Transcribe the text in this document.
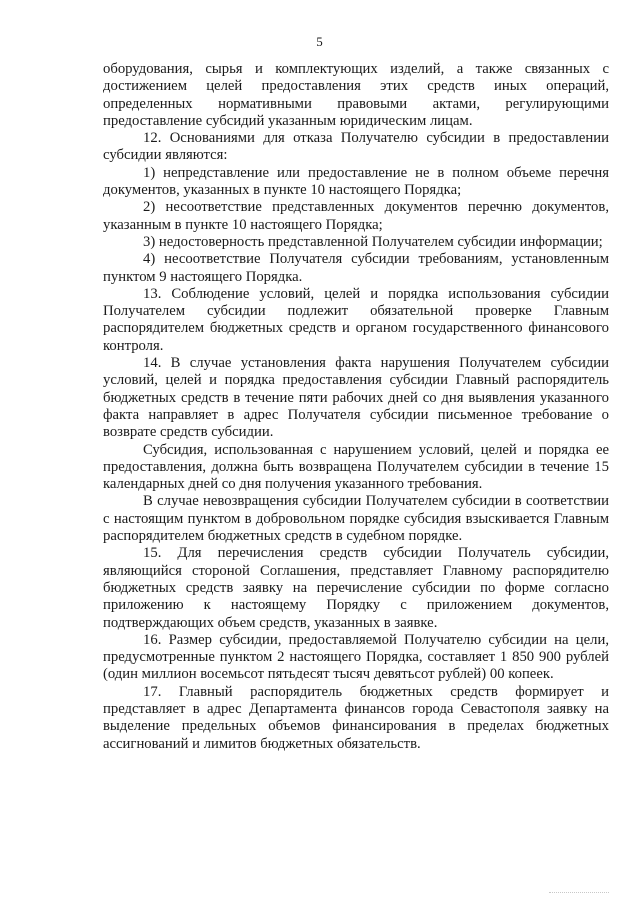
5

оборудования, сырья и комплектующих изделий, а также связанных с достижением целей предоставления этих средств иных операций, определенных нормативными правовыми актами, регулирующими предоставление субсидий указанным юридическим лицам.

12. Основаниями для отказа Получателю субсидии в предоставлении субсидии являются:

1) непредставление или предоставление не в полном объеме перечня документов, указанных в пункте 10 настоящего Порядка;

2) несоответствие представленных документов перечню документов, указанным в пункте 10 настоящего Порядка;

3) недостоверность представленной Получателем субсидии информации;

4) несоответствие Получателя субсидии требованиям, установленным пунктом 9 настоящего Порядка.

13. Соблюдение условий, целей и порядка использования субсидии Получателем субсидии подлежит обязательной проверке Главным распорядителем бюджетных средств и органом государственного финансового контроля.

14. В случае установления факта нарушения Получателем субсидии условий, целей и порядка предоставления субсидии Главный распорядитель бюджетных средств в течение пяти рабочих дней со дня выявления указанного факта направляет в адрес Получателя субсидии письменное требование о возврате средств субсидии.

Субсидия, использованная с нарушением условий, целей и порядка ее предоставления, должна быть возвращена Получателем субсидии в течение 15 календарных дней со дня получения указанного требования.

В случае невозвращения субсидии Получателем субсидии в соответствии с настоящим пунктом в добровольном порядке субсидия взыскивается Главным распорядителем бюджетных средств в судебном порядке.

15. Для перечисления средств субсидии Получатель субсидии, являющийся стороной Соглашения, представляет Главному распорядителю бюджетных средств заявку на перечисление субсидии по форме согласно приложению к настоящему Порядку с приложением документов, подтверждающих объем средств, указанных в заявке.

16. Размер субсидии, предоставляемой Получателю субсидии на цели, предусмотренные пунктом 2 настоящего Порядка, составляет 1 850 900 рублей (один миллион восемьсот пятьдесят тысяч девятьсот рублей) 00 копеек.

17. Главный распорядитель бюджетных средств формирует и представляет в адрес Департамента финансов города Севастополя заявку на выделение предельных объемов финансирования в пределах бюджетных ассигнований и лимитов бюджетных обязательств.
